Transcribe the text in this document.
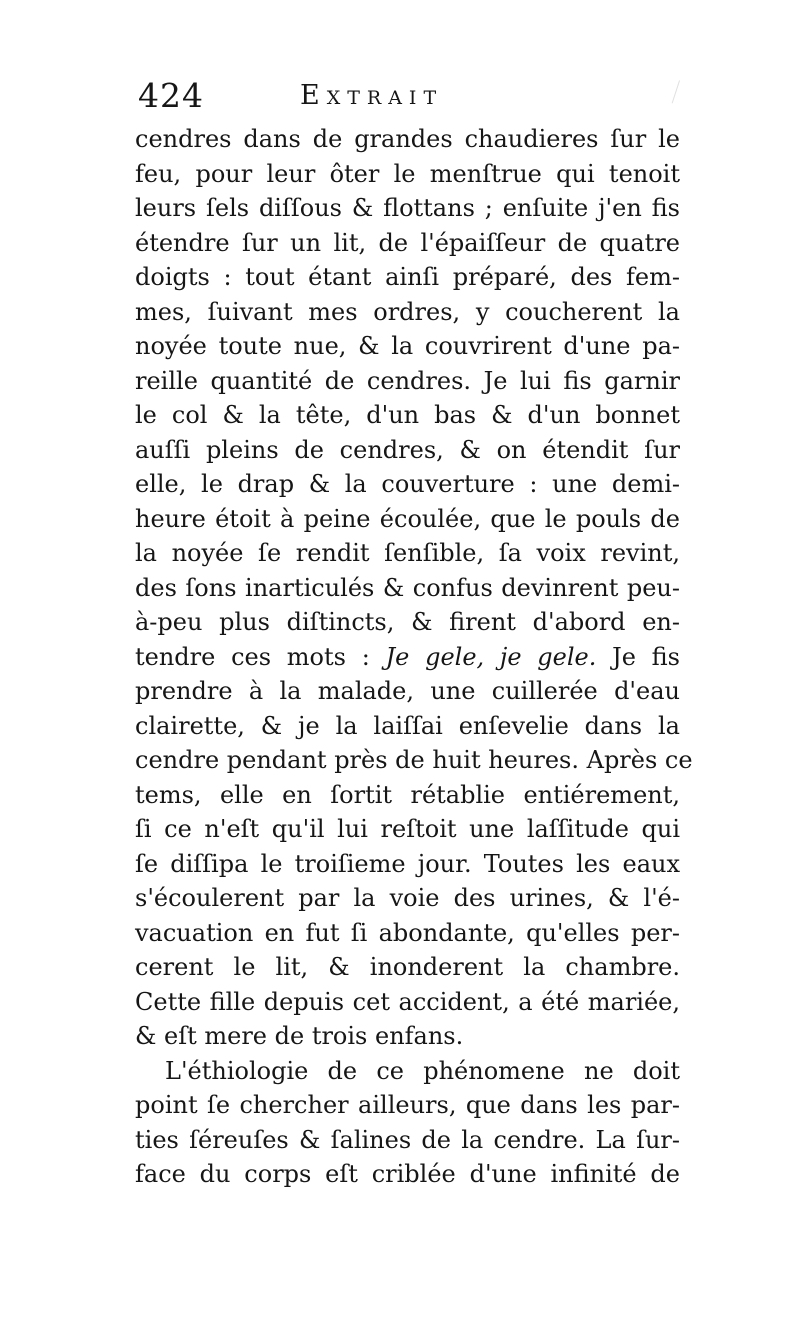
424	Extrait
cendres dans de grandes chaudieres ſur le
feu, pour leur ôter le menſtrue qui tenoit
leurs ſels diſſous & flottans ; enſuite j'en fis
étendre ſur un lit, de l'épaiſſeur de quatre
doigts : tout étant ainſi préparé, des fem-
mes, ſuivant mes ordres, y coucherent la
noyée toute nue, & la couvrirent d'une pa-
reille quantité de cendres. Je lui fis garnir
le col & la tête, d'un bas & d'un bonnet
auſſi pleins de cendres, & on étendit ſur
elle, le drap & la couverture : une demi-
heure étoit à peine écoulée, que le pouls de
la noyée ſe rendit ſenſible, ſa voix revint,
des ſons inarticulés & confus devinrent peu-
à-peu plus diſtincts, & firent d'abord en-
tendre ces mots : Je gele, je gele. Je fis
prendre à la malade, une cuillerée d'eau
clairette, & je la laiſſai enſevelie dans la
cendre pendant près de huit heures. Après ce
tems, elle en ſortit rétablie entiérement,
ſi ce n'eſt qu'il lui reſtoit une laſſitude qui
ſe diſſipa le troiſieme jour. Toutes les eaux
s'écoulerent par la voie des urines, & l'é-
vacuation en fut ſi abondante, qu'elles per-
cerent le lit, & inonderent la chambre.
Cette fille depuis cet accident, a été mariée,
& eſt mere de trois enfans.
L'éthiologie de ce phénomene ne doit
point ſe chercher ailleurs, que dans les par-
ties ſéreuſes & ſalines de la cendre. La ſur-
face du corps eſt criblée d'une infinité de
